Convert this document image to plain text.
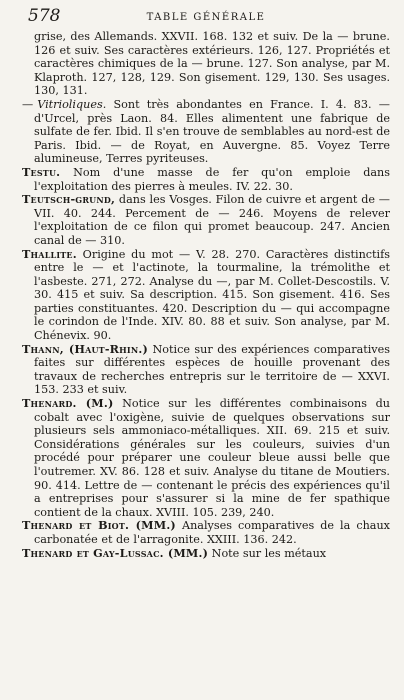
578	TABLE GÉNÉRALE

grise, des Allemands. XXVII. 168. 132 et suiv. De la — brune. 126 et suiv. Ses caractères extérieurs. 126, 127. Propriétés et caractères chimiques de la — brune. 127. Son analyse, par M. Klaproth. 127, 128, 129. Son gisement. 129, 130. Ses usages. 130, 131.

— Vitrioliques. Sont très abondantes en France. I. 4. 83. — d'Urcel, près Laon. 84. Elles alimentent une fabrique de sulfate de fer. Ibid. Il s'en trouve de semblables au nord-est de Paris. Ibid. — de Royat, en Auvergne. 85. Voyez Terre alumineuse, Terres pyriteuses.

Testu. Nom d'une masse de fer qu'on emploie dans l'exploitation des pierres à meules. IV. 22. 30.

Teutsch-grund, dans les Vosges. Filon de cuivre et argent de — VII. 40. 244. Percement de — 246. Moyens de relever l'exploitation de ce filon qui promet beaucoup. 247. Ancien canal de — 310.

Thallite. Origine du mot — V. 28. 270. Caractères distinctifs entre le — et l'actinote, la tourmaline, la trémolithe et l'asbeste. 271, 272. Analyse du —, par M. Collet-Descostils. V. 30. 415 et suiv. Sa description. 415. Son gisement. 416. Ses parties constituantes. 420. Description du — qui accompagne le corindon de l'Inde. XIV. 80. 88 et suiv. Son analyse, par M. Chénevix. 90.

Thann, (Haut-Rhin.) Notice sur des expériences comparatives faites sur différentes espèces de houille provenant des travaux de recherches entrepris sur le territoire de — XXVI. 153. 233 et suiv.

Thenard. (M.) Notice sur les différentes combinaisons du cobalt avec l'oxigène, suivie de quelques observations sur plusieurs sels ammoniaco-métalliques. XII. 69. 215 et suiv. Considérations générales sur les couleurs, suivies d'un procédé pour préparer une couleur bleue aussi belle que l'outremer. XV. 86. 128 et suiv. Analyse du titane de Moutiers. 90. 414. Lettre de — contenant le précis des expériences qu'il a entreprises pour s'assurer si la mine de fer spathique contient de la chaux. XVIII. 105. 239, 240.

Thenard et Biot. (MM.) Analyses comparatives de la chaux carbonatée et de l'arragonite. XXIII. 136. 242.

Thenard et Gay-Lussac. (MM.) Note sur les métaux
